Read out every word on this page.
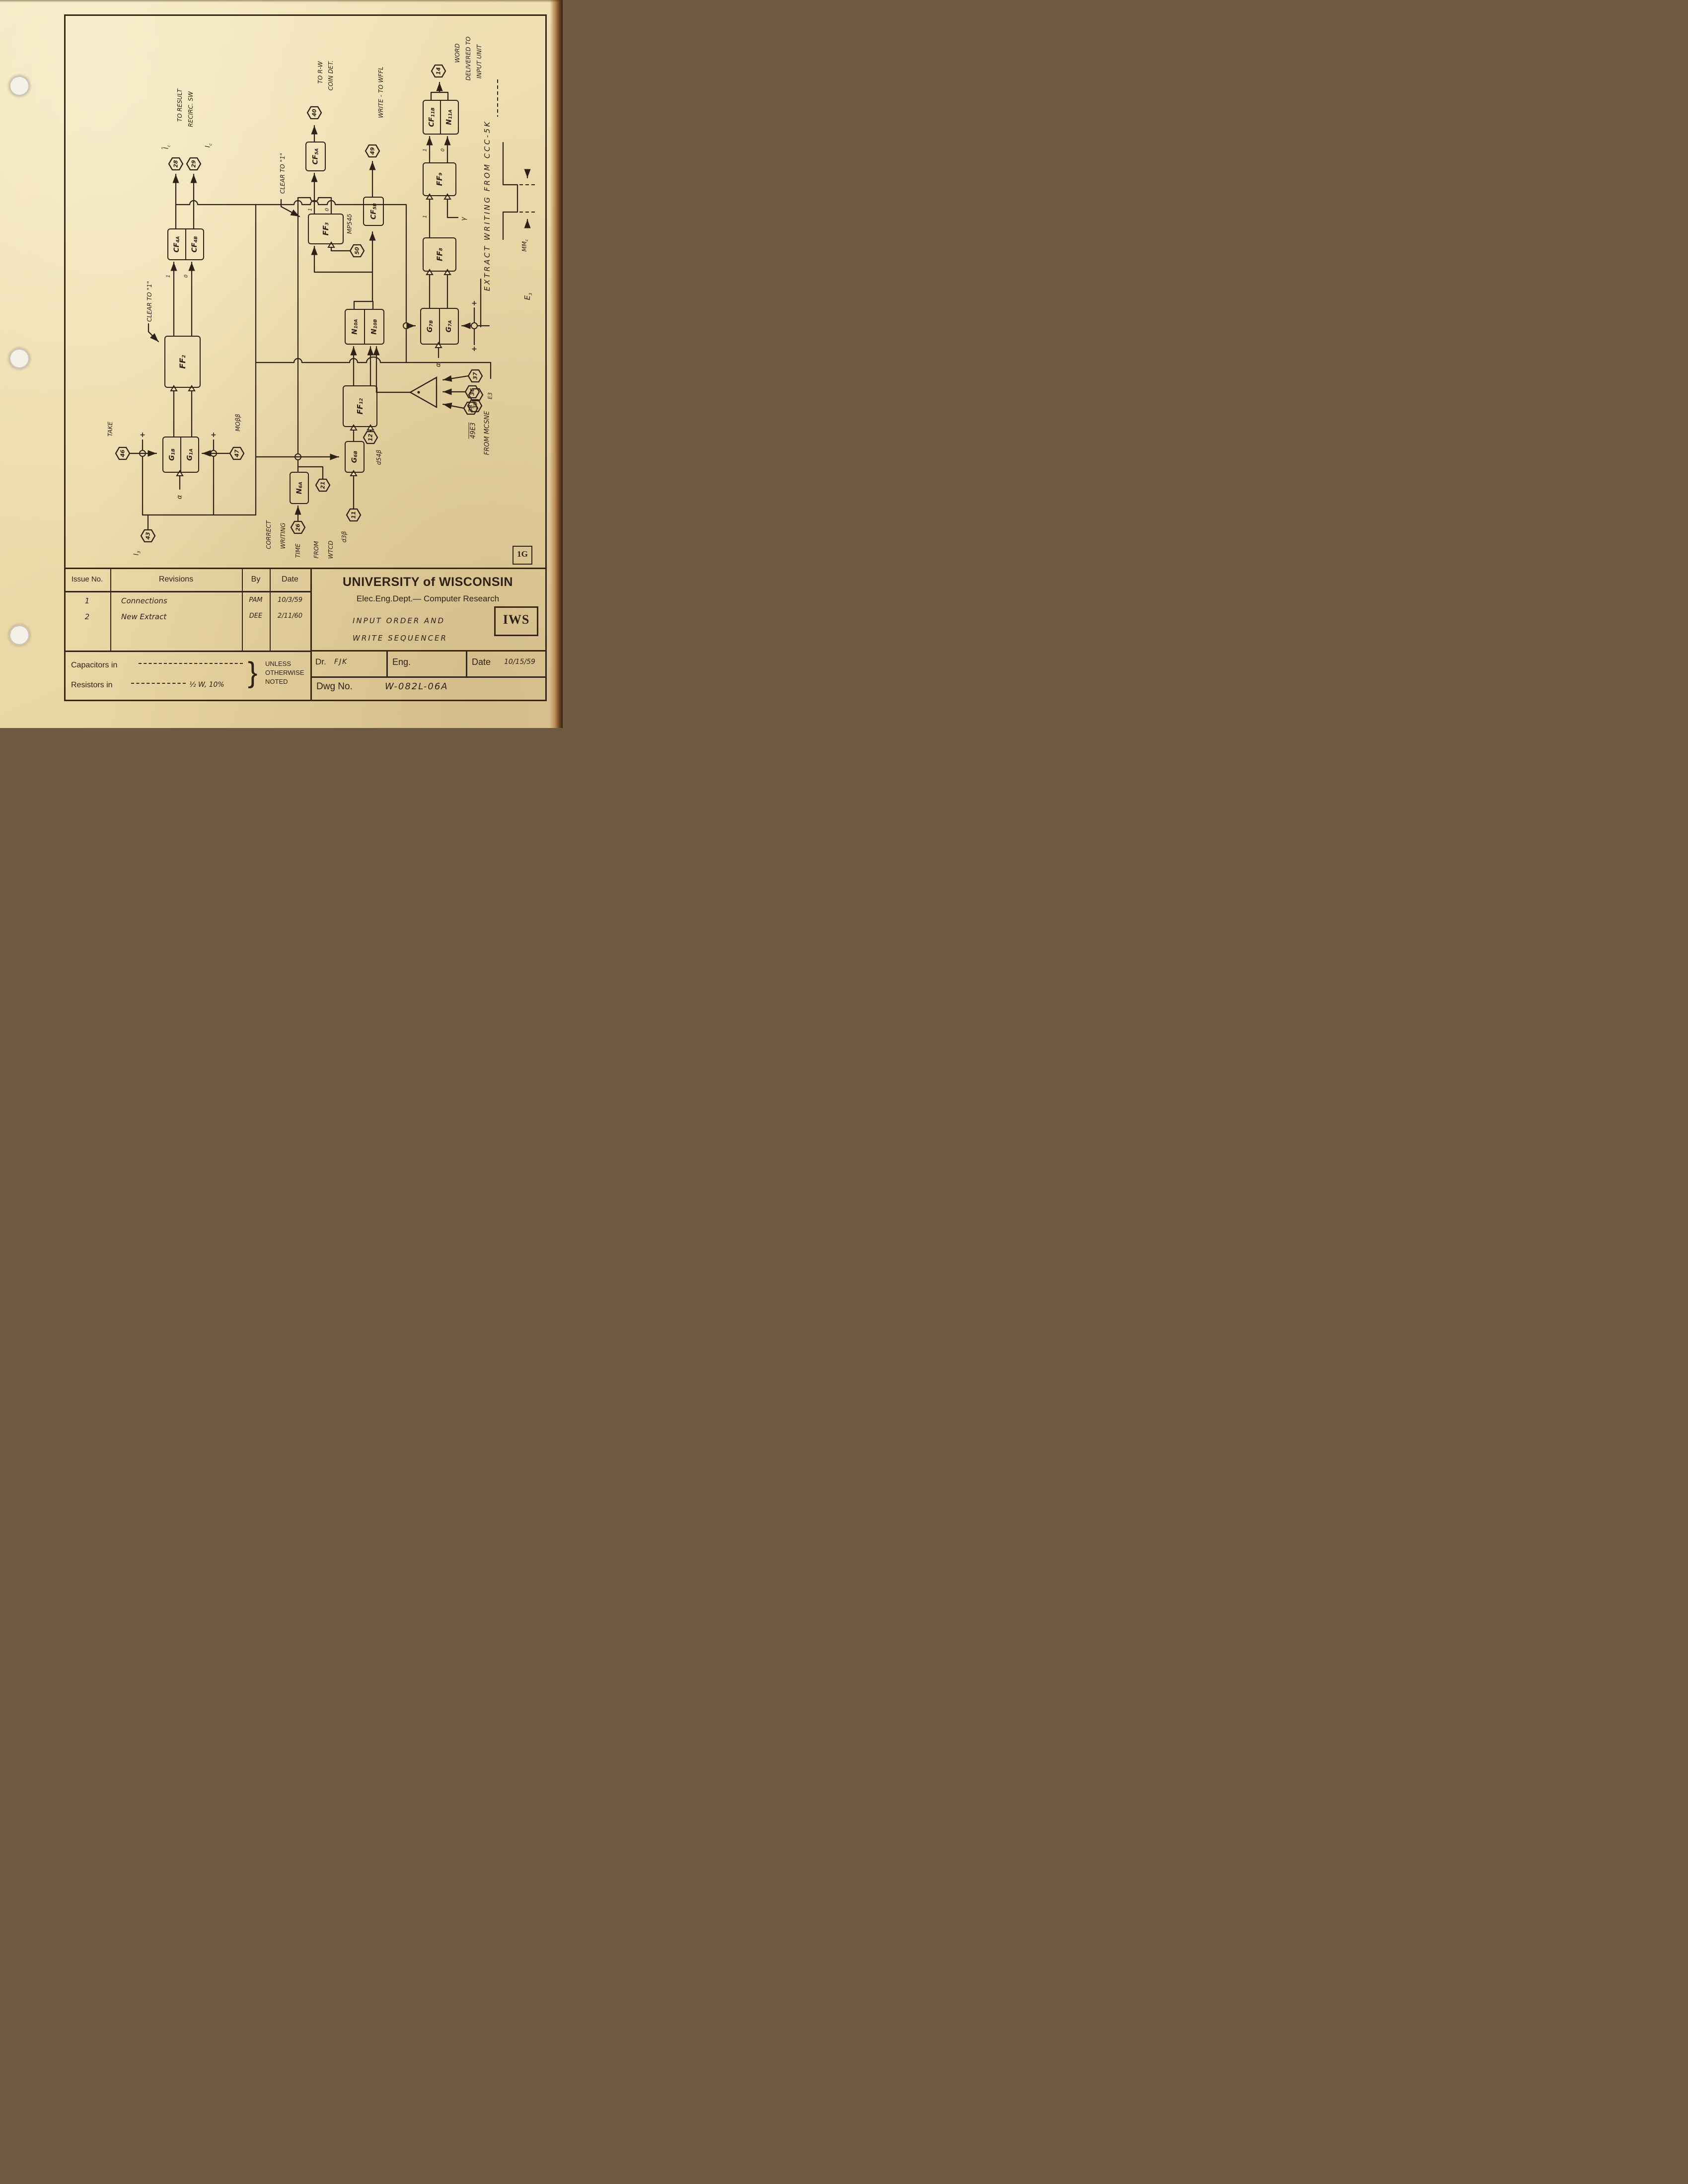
CF
4A
CF
4B
FF
2
G
1B
G
1A
N
6A
G
6B
FF
12
N
10A
N
10B
FF
3
CF
5A
CF
5B
FF
8
G
7B
G
7A
FF
9
CF
11B
N
11A
28 29
40
49
50
14
46	47
43
26
21
11
12
37
36
38
39
$I_c$	$I_c$
TO RESULT RECIRC. SW
CLEAR TO "1"
1	0
TAKE	MOββ
α
$I_3$
CORRECT WRITING
TIME FROM WTCD
d3β
d54β
MP54δ
CLEAR TO "1"
1 0
TO R-W COIN DET.	WRITE - TO WFFL
WORD DELIVERED TO INPUT UNIT
1
1	0
γ
α
EXTRACT WRITING FROM CCC-5K
E3
49E3 FROM MCSNE
$E_3$
$MM_c$
+	+
+
+
1G
Issue No.	Revisions	By	Date
1	Connections	PAM	10/3/59
2	New Extract	DEE	2/11/60
Capacitors in
Resistors in	½ W, 10% } UNLESS
OTHERWISE
NOTED
UNIVERSITY of WISCONSIN
Elec.Eng.Dept.— Computer Research
INPUT ORDER AND
WRITE SEQUENCER
IWS
Dr. FJK	Eng.	Date 10/15/59
Dwg No.	W-082L-06A
